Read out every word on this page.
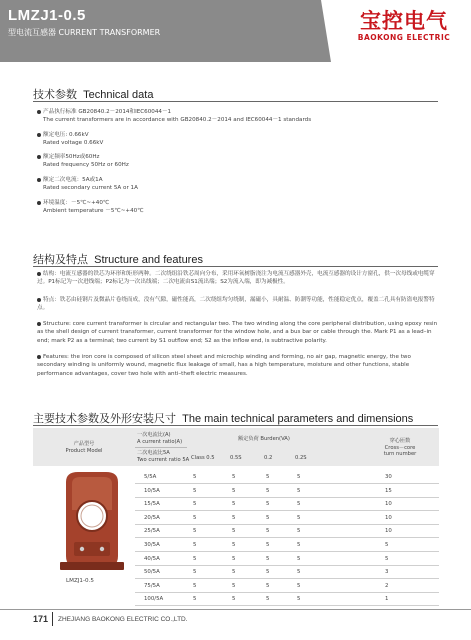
LMZJ1-0.5
型电流互感器 CURRENT TRANSFORMER	宝控电气
BAOKONG ELECTRIC
技术参数 Technical data
产品执行标准 GB20840.2－2014和IEC60044－1
The current transformers are in accordance with GB20840.2－2014 and IEC60044－1 standards
额定电压: 0.66kV
Rated voltage 0.66kV
额定频率50Hz或60Hz
Rated frequency 50Hz or 60Hz
额定二次电流：5A或1A
Rated secondary current 5A or 1A
环境温度：－5℃~+40℃
Ambient temperature －5℃~+40℃
结构及特点 Structure and features
结构：电流互感器的铁芯为环形和矩形两种。二次绕组沿铁芯周向分布，采用环氧树脂浇注为电流互感器外壳，电流互感器的设计方窗孔，供一次母线或电缆穿过。P1标记为一次进线端；P2标记为一次出线端；二次电流由S1流出端；S2为流入端，即为减极性。
特点：铁芯由硅钢片及微晶片卷绕而成，没有气隙，磁性能高，二次绕组均匀绕制，漏磁小，具耐温、防潮等功能，性能稳定优点，覆盖二孔具有防盗电报警特点。
Structure: core current transformer is circular and rectangular two. The two winding along the core peripheral distribution, using epoxy resin as the shell design of current transformer, current transformer for the window hole, and a bus bar or cable through the. Mark P1 as a lead–in end; mark P2 as a terminal; two current by S1 outflow end; S2 as the inflow end, is subtractive polarity.
Features: the iron core is composed of silicon steel sheet and microchip winding and forming, no air gap, magnetic energy, the two secondary winding is uniformly wound, magnetic flux leakage of small, has a high temperature, moisture and other functions, stable performance advantages, cover two hole with anti–theft electric measures.
主要技术参数及外形安装尺寸 The main technical parameters and dimensions
产品型号
Product Model
一次电流比(A)
A current ratio(A)
二次电流比5A
Two current ratio 5A
额定负荷 Burden(VA)
Class 0.5	0.5S	0.2	0.2S
穿心匝数
Cross－core
turn number
5/5A	5	5	5	5	30
10/5A	5	5	5	5	15
15/5A	5	5	5	5	10
20/5A	5	5	5	5	10
25/5A	5	5	5	5	10
30/5A	5	5	5	5	5
40/5A	5	5	5	5	5
50/5A	5	5	5	5	3
75/5A	5	5	5	5	2
100/5A	5	5	5	5	1
LMZJ1-0.5
171 ZHEJIANG BAOKONG ELECTRIC CO.,LTD.
